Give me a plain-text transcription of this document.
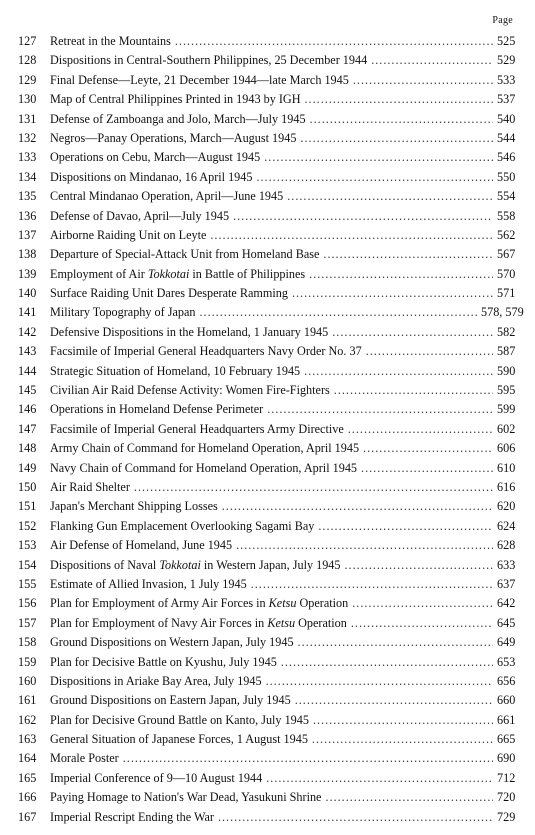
Page
127	Retreat in the Mountains .....	525
128	Dispositions in Central-Southern Philippines, 25 December 1944 .....	529
129	Final Defense—Leyte, 21 December 1944—late March 1945 .....	533
130	Map of Central Philippines Printed in 1943 by IGH .....	537
131	Defense of Zamboanga and Jolo, March—July 1945 .....	540
132	Negros—Panay Operations, March—August 1945 .....	544
133	Operations on Cebu, March—August 1945 .....	546
134	Dispositions on Mindanao, 16 April 1945 .....	550
135	Central Mindanao Operation, April—June 1945 .....	554
136	Defense of Davao, April—July 1945 .....	558
137	Airborne Raiding Unit on Leyte .....	562
138	Departure of Special-Attack Unit from Homeland Base .....	567
139	Employment of Air Tokkotai in Battle of Philippines .....	570
140	Surface Raiding Unit Dares Desperate Ramming .....	571
141	Military Topography of Japan .....	578, 579
142	Defensive Dispositions in the Homeland, 1 January 1945 .....	582
143	Facsimile of Imperial General Headquarters Navy Order No. 37 .....	587
144	Strategic Situation of Homeland, 10 February 1945 .....	590
145	Civilian Air Raid Defense Activity: Women Fire-Fighters .....	595
146	Operations in Homeland Defense Perimeter .....	599
147	Facsimile of Imperial General Headquarters Army Directive .....	602
148	Army Chain of Command for Homeland Operation, April 1945 .....	606
149	Navy Chain of Command for Homeland Operation, April 1945 .....	610
150	Air Raid Shelter .....	616
151	Japan's Merchant Shipping Losses .....	620
152	Flanking Gun Emplacement Overlooking Sagami Bay .....	624
153	Air Defense of Homeland, June 1945 .....	628
154	Dispositions of Naval Tokkotai in Western Japan, July 1945 .....	633
155	Estimate of Allied Invasion, 1 July 1945 .....	637
156	Plan for Employment of Army Air Forces in Ketsu Operation .....	642
157	Plan for Employment of Navy Air Forces in Ketsu Operation .....	645
158	Ground Dispositions on Western Japan, July 1945 .....	649
159	Plan for Decisive Battle on Kyushu, July 1945 .....	653
160	Dispositions in Ariake Bay Area, July 1945 .....	656
161	Ground Dispositions on Eastern Japan, July 1945 .....	660
162	Plan for Decisive Ground Battle on Kanto, July 1945 .....	661
163	General Situation of Japanese Forces, 1 August 1945 .....	665
164	Morale Poster .....	690
165	Imperial Conference of 9—10 August 1944 .....	712
166	Paying Homage to Nation's War Dead, Yasukuni Shrine .....	720
167	Imperial Rescript Ending the War .....	729
